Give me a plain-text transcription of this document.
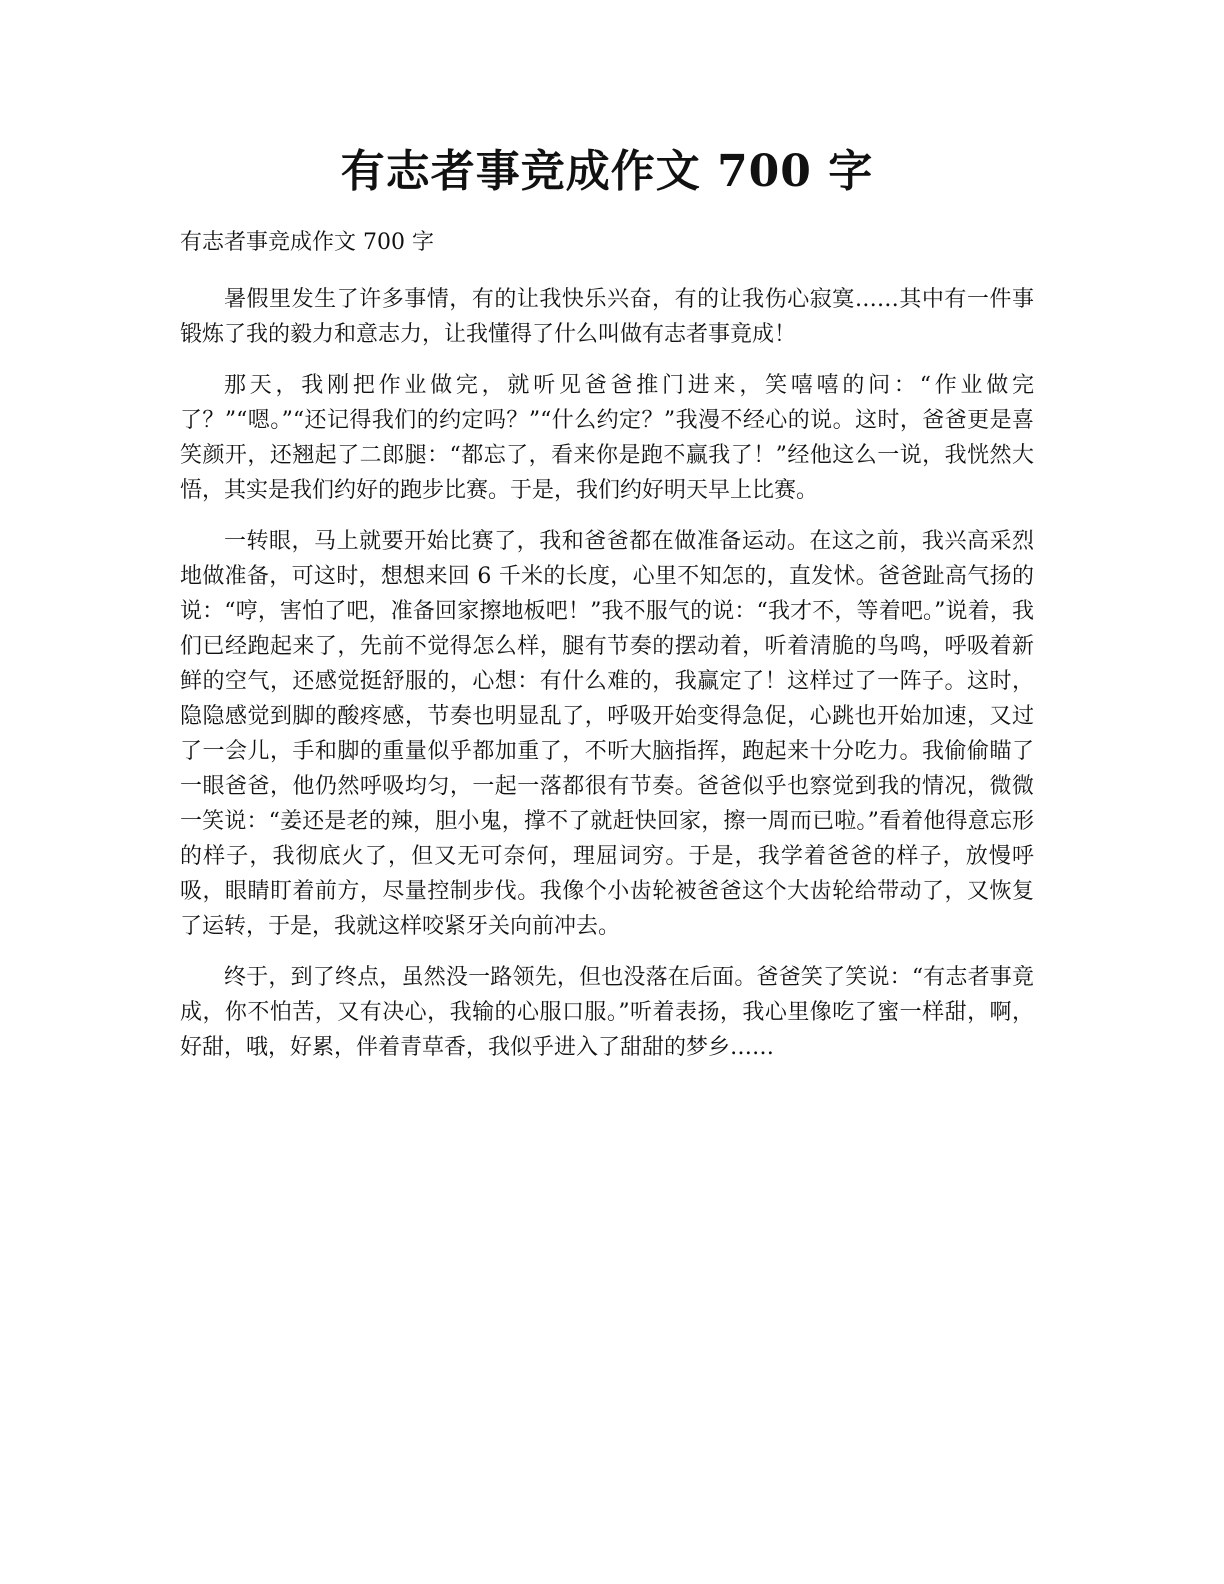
有志者事竞成作文 700 字

有志者事竞成作文 700 字

暑假里发生了许多事情，有的让我快乐兴奋，有的让我伤心寂寞……其中有一件事锻炼了我的毅力和意志力，让我懂得了什么叫做有志者事竟成！

那天，我刚把作业做完，就听见爸爸推门进来，笑嘻嘻的问：“作业做完了？”“嗯。”“还记得我们的约定吗？”“什么约定？”我漫不经心的说。这时，爸爸更是喜笑颜开，还翘起了二郎腿：“都忘了，看来你是跑不赢我了！”经他这么一说，我恍然大悟，其实是我们约好的跑步比赛。于是，我们约好明天早上比赛。

一转眼，马上就要开始比赛了，我和爸爸都在做准备运动。在这之前，我兴高采烈地做准备，可这时，想想来回 6 千米的长度，心里不知怎的，直发怵。爸爸趾高气扬的说：“哼，害怕了吧，准备回家擦地板吧！”我不服气的说：“我才不，等着吧。”说着，我们已经跑起来了，先前不觉得怎么样，腿有节奏的摆动着，听着清脆的鸟鸣，呼吸着新鲜的空气，还感觉挺舒服的，心想：有什么难的，我赢定了！这样过了一阵子。这时，隐隐感觉到脚的酸疼感，节奏也明显乱了，呼吸开始变得急促，心跳也开始加速，又过了一会儿，手和脚的重量似乎都加重了，不听大脑指挥，跑起来十分吃力。我偷偷瞄了一眼爸爸，他仍然呼吸均匀，一起一落都很有节奏。爸爸似乎也察觉到我的情况，微微一笑说：“姜还是老的辣，胆小鬼，撑不了就赶快回家，擦一周而已啦。”看着他得意忘形的样子，我彻底火了，但又无可奈何，理屈词穷。于是，我学着爸爸的样子，放慢呼吸，眼睛盯着前方，尽量控制步伐。我像个小齿轮被爸爸这个大齿轮给带动了，又恢复了运转，于是，我就这样咬紧牙关向前冲去。

终于，到了终点，虽然没一路领先，但也没落在后面。爸爸笑了笑说：“有志者事竟成，你不怕苦，又有决心，我输的心服口服。”听着表扬，我心里像吃了蜜一样甜，啊，好甜，哦，好累，伴着青草香，我似乎进入了甜甜的梦乡……
